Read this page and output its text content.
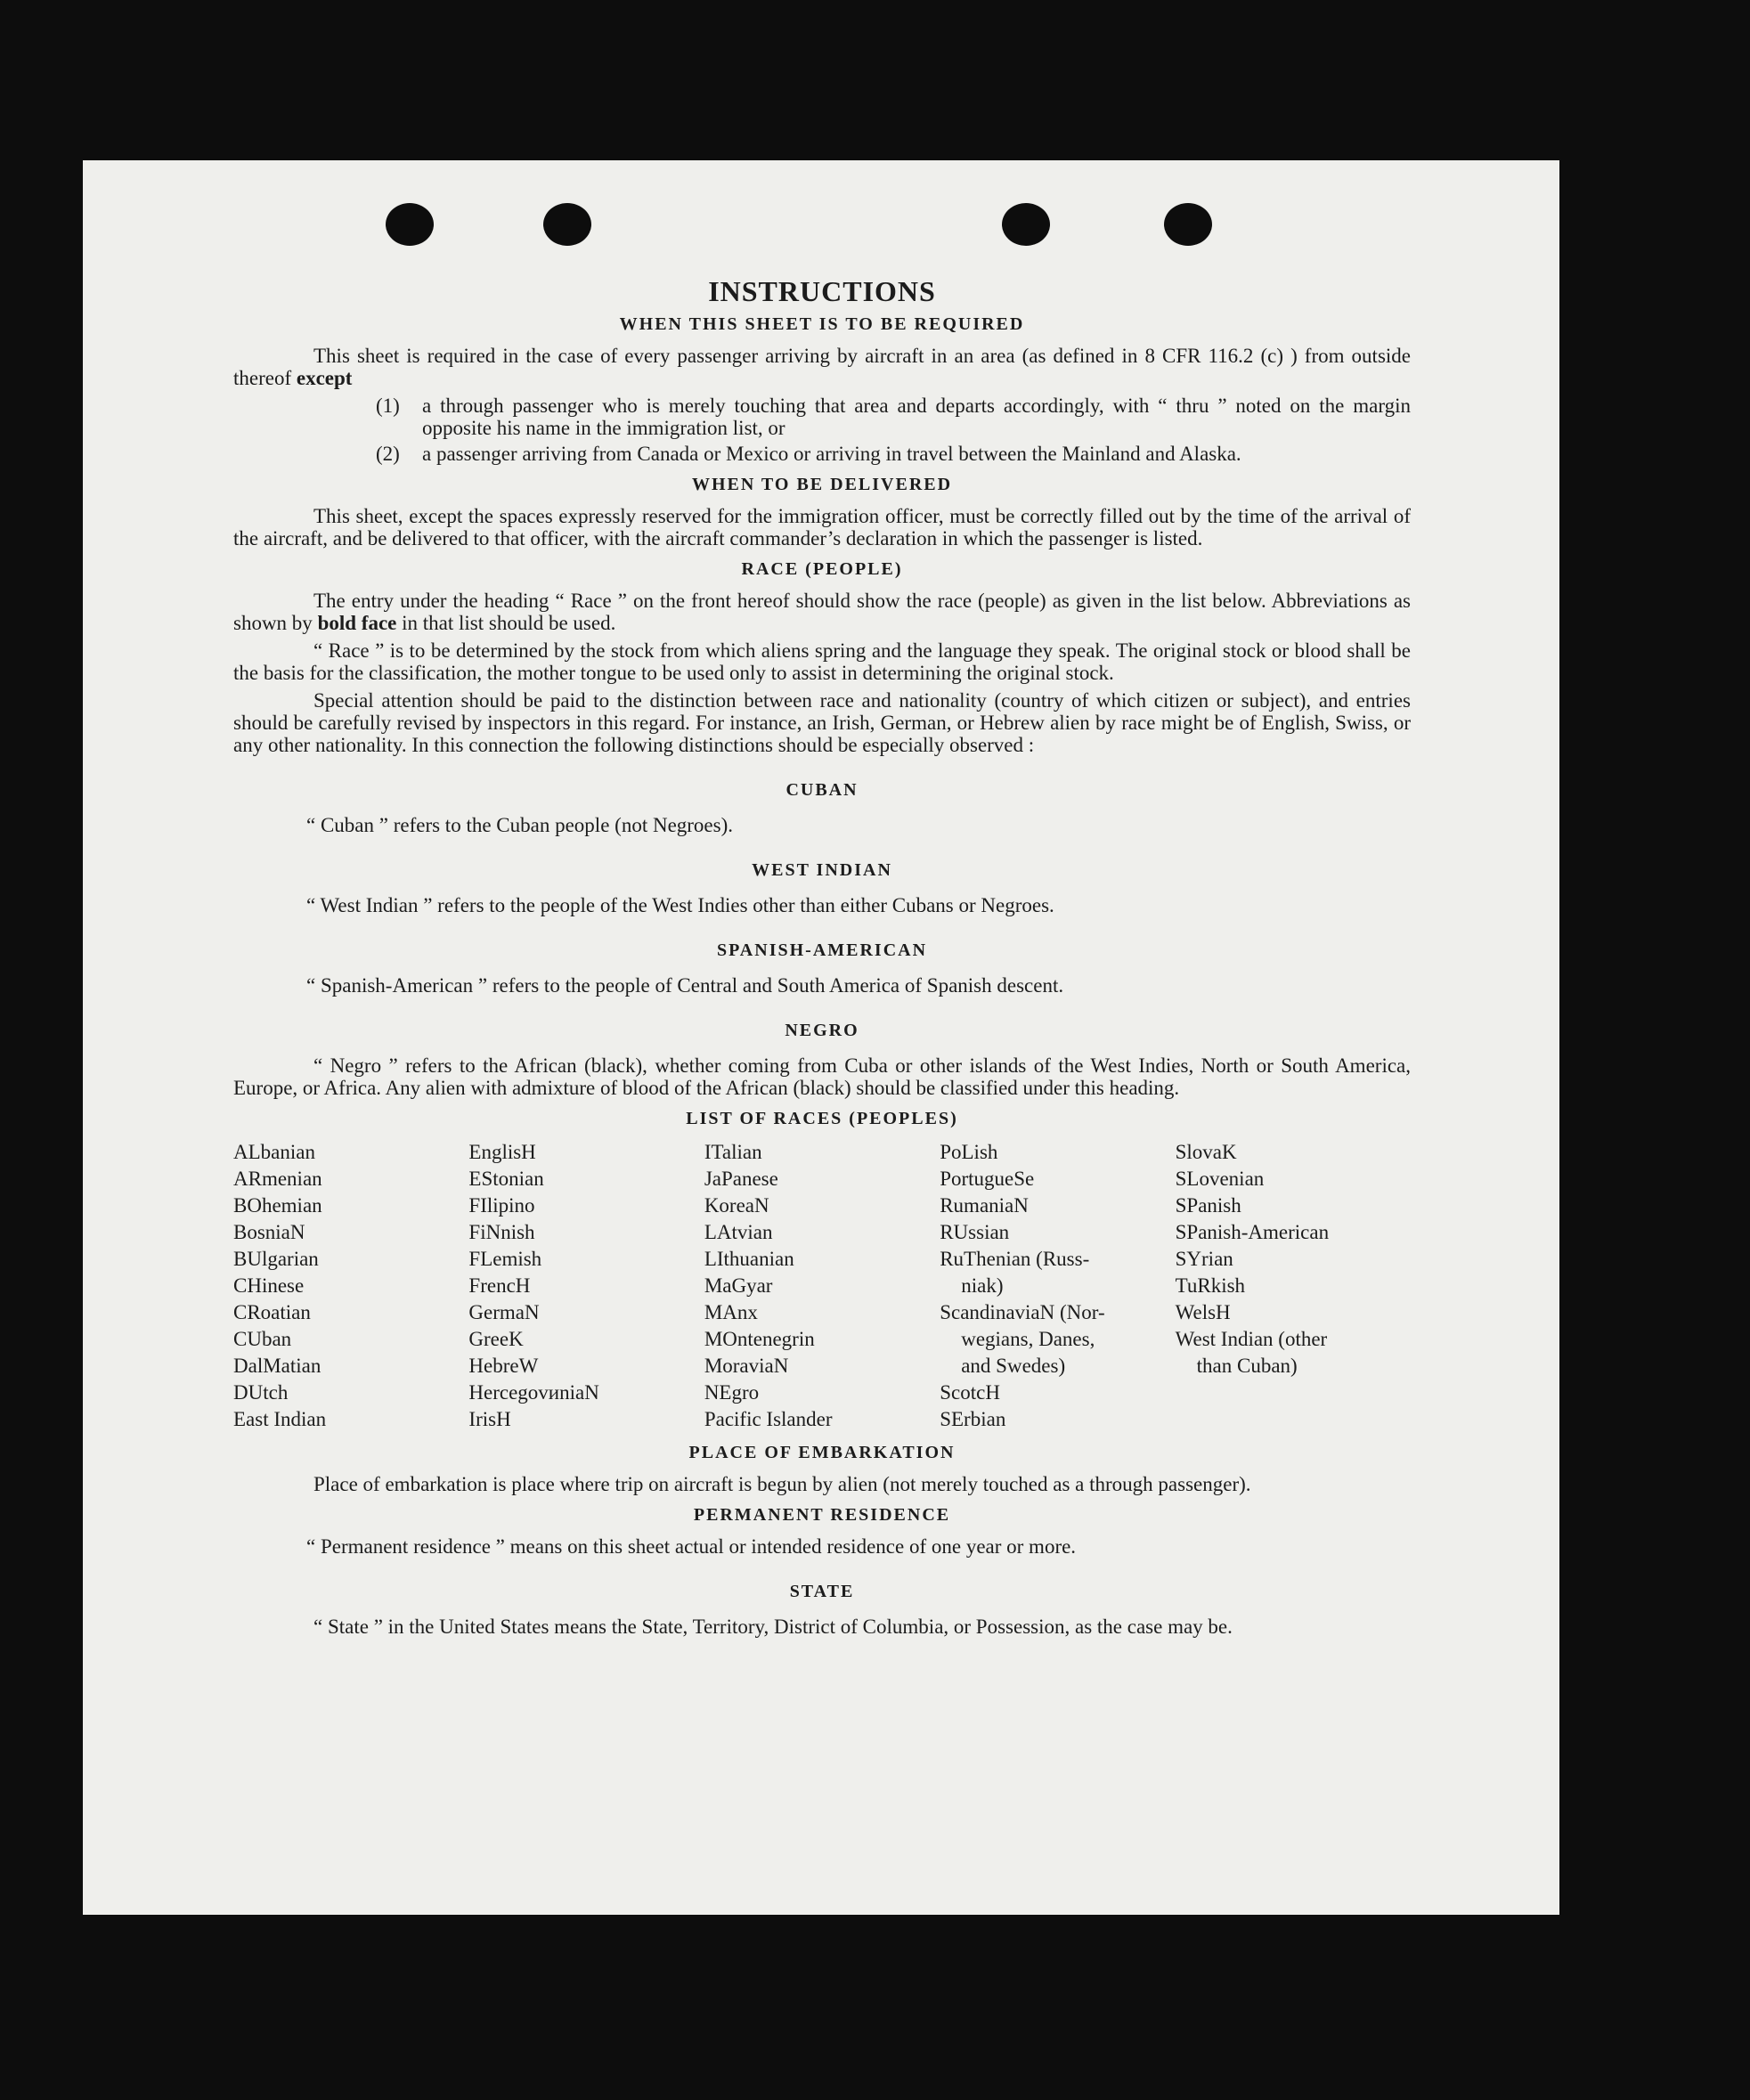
INSTRUCTIONS
WHEN THIS SHEET IS TO BE REQUIRED

This sheet is required in the case of every passenger arriving by aircraft in an area (as defined in 8 CFR 116.2 (c) ) from outside thereof except

(1)	a through passenger who is merely touching that area and departs accordingly, with “ thru ” noted on the margin opposite his name in the immigration list, or
(2)	a passenger arriving from Canada or Mexico or arriving in travel between the Mainland and Alaska.
WHEN TO BE DELIVERED

This sheet, except the spaces expressly reserved for the immigration officer, must be correctly filled out by the time of the arrival of the aircraft, and be delivered to that officer, with the aircraft commander’s declaration in which the passenger is listed.

RACE (PEOPLE)

The entry under the heading “ Race ” on the front hereof should show the race (people) as given in the list below. Abbreviations as shown by bold face in that list should be used.

“ Race ” is to be determined by the stock from which aliens spring and the language they speak. The original stock or blood shall be the basis for the classification, the mother tongue to be used only to assist in determining the original stock.

Special attention should be paid to the distinction between race and nationality (country of which citizen or subject), and entries should be carefully revised by inspectors in this regard. For instance, an Irish, German, or Hebrew alien by race might be of English, Swiss, or any other nationality. In this connection the following distinctions should be especially observed :

CUBAN

“ Cuban ” refers to the Cuban people (not Negroes).

WEST INDIAN

“ West Indian ” refers to the people of the West Indies other than either Cubans or Negroes.

SPANISH-AMERICAN

“ Spanish-American ” refers to the people of Central and South America of Spanish descent.

NEGRO

“ Negro ” refers to the African (black), whether coming from Cuba or other islands of the West Indies, North or South America, Europe, or Africa. Any alien with admixture of blood of the African (black) should be classified under this heading.

LIST OF RACES (PEOPLES)
ALbanian
ARmenian
BOhemian
BosniaN
BUlgarian
CHinese
CRoatian
CUban
DalMatian
DUtch
East Indian
EnglisH
EStonian
FIlipino
FiNnish
FLemish
FrencH
GermaN
GreeK
HebreW
HercegovиniaN
IrisH
ITalian
JaPanese
KoreaN
LAtvian
LIthuanian
MaGyar
MAnx
MOntenegrin
MoraviaN
NEgro
Pacific Islander
PoLish
PortugueSe
RumaniaN
RUssian
RuThenian (Russ-
niak)
ScandinaviaN (Nor-
wegians, Danes,
and Swedes)
ScotcH
SErbian
SlovaK
SLovenian
SPanish
SPanish-American
SYrian
TuRkish
WelsH
West Indian (other
than Cuban)
PLACE OF EMBARKATION

Place of embarkation is place where trip on aircraft is begun by alien (not merely touched as a through passenger).

PERMANENT RESIDENCE

“ Permanent residence ” means on this sheet actual or intended residence of one year or more.

STATE

“ State ” in the United States means the State, Territory, District of Columbia, or Possession, as the case may be.
